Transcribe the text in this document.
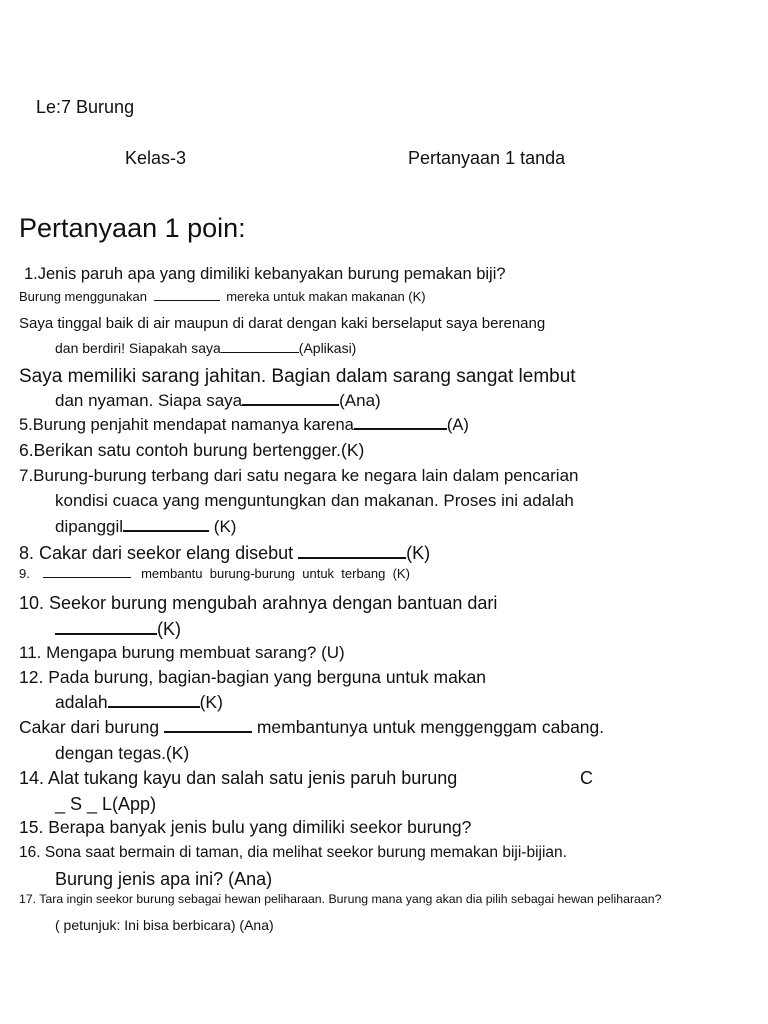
Le:7 Burung
Kelas-3	Pertanyaan 1 tanda
Pertanyaan 1 poin:
1.Jenis paruh apa yang dimiliki kebanyakan burung pemakan biji?
Burung menggunakan	mereka untuk makan makanan (K)
Saya tinggal baik di air maupun di darat dengan kaki berselaput saya berenang
dan berdiri! Siapakah saya	(Aplikasi)
Saya memiliki sarang jahitan. Bagian dalam sarang sangat lembut
dan nyaman. Siapa saya	(Ana)
5.Burung penjahit mendapat namanya karena	(A)
6.Berikan satu contoh burung bertengger.(K)
7.Burung-burung terbang dari satu negara ke negara lain dalam pencarian
kondisi cuaca yang menguntungkan dan makanan. Proses ini adalah
dipanggil	(K)
8. Cakar dari seekor elang disebut	(K)
9.	membantu  burung-burung  untuk  terbang  (K)
10. Seekor burung mengubah arahnya dengan bantuan dari
(K)
11. Mengapa burung membuat sarang? (U)
12. Pada burung, bagian-bagian yang berguna untuk makan
adalah	(K)
Cakar dari burung	membantunya untuk menggenggam cabang.
dengan tegas.(K)
14. Alat tukang kayu dan salah satu jenis paruh burung	C
_ S _ L(App)
15. Berapa banyak jenis bulu yang dimiliki seekor burung?
16. Sona saat bermain di taman, dia melihat seekor burung memakan biji-bijian.
Burung jenis apa ini? (Ana)
17. Tara ingin seekor burung sebagai hewan peliharaan. Burung mana yang akan dia pilih sebagai hewan peliharaan?
( petunjuk: Ini bisa berbicara) (Ana)
